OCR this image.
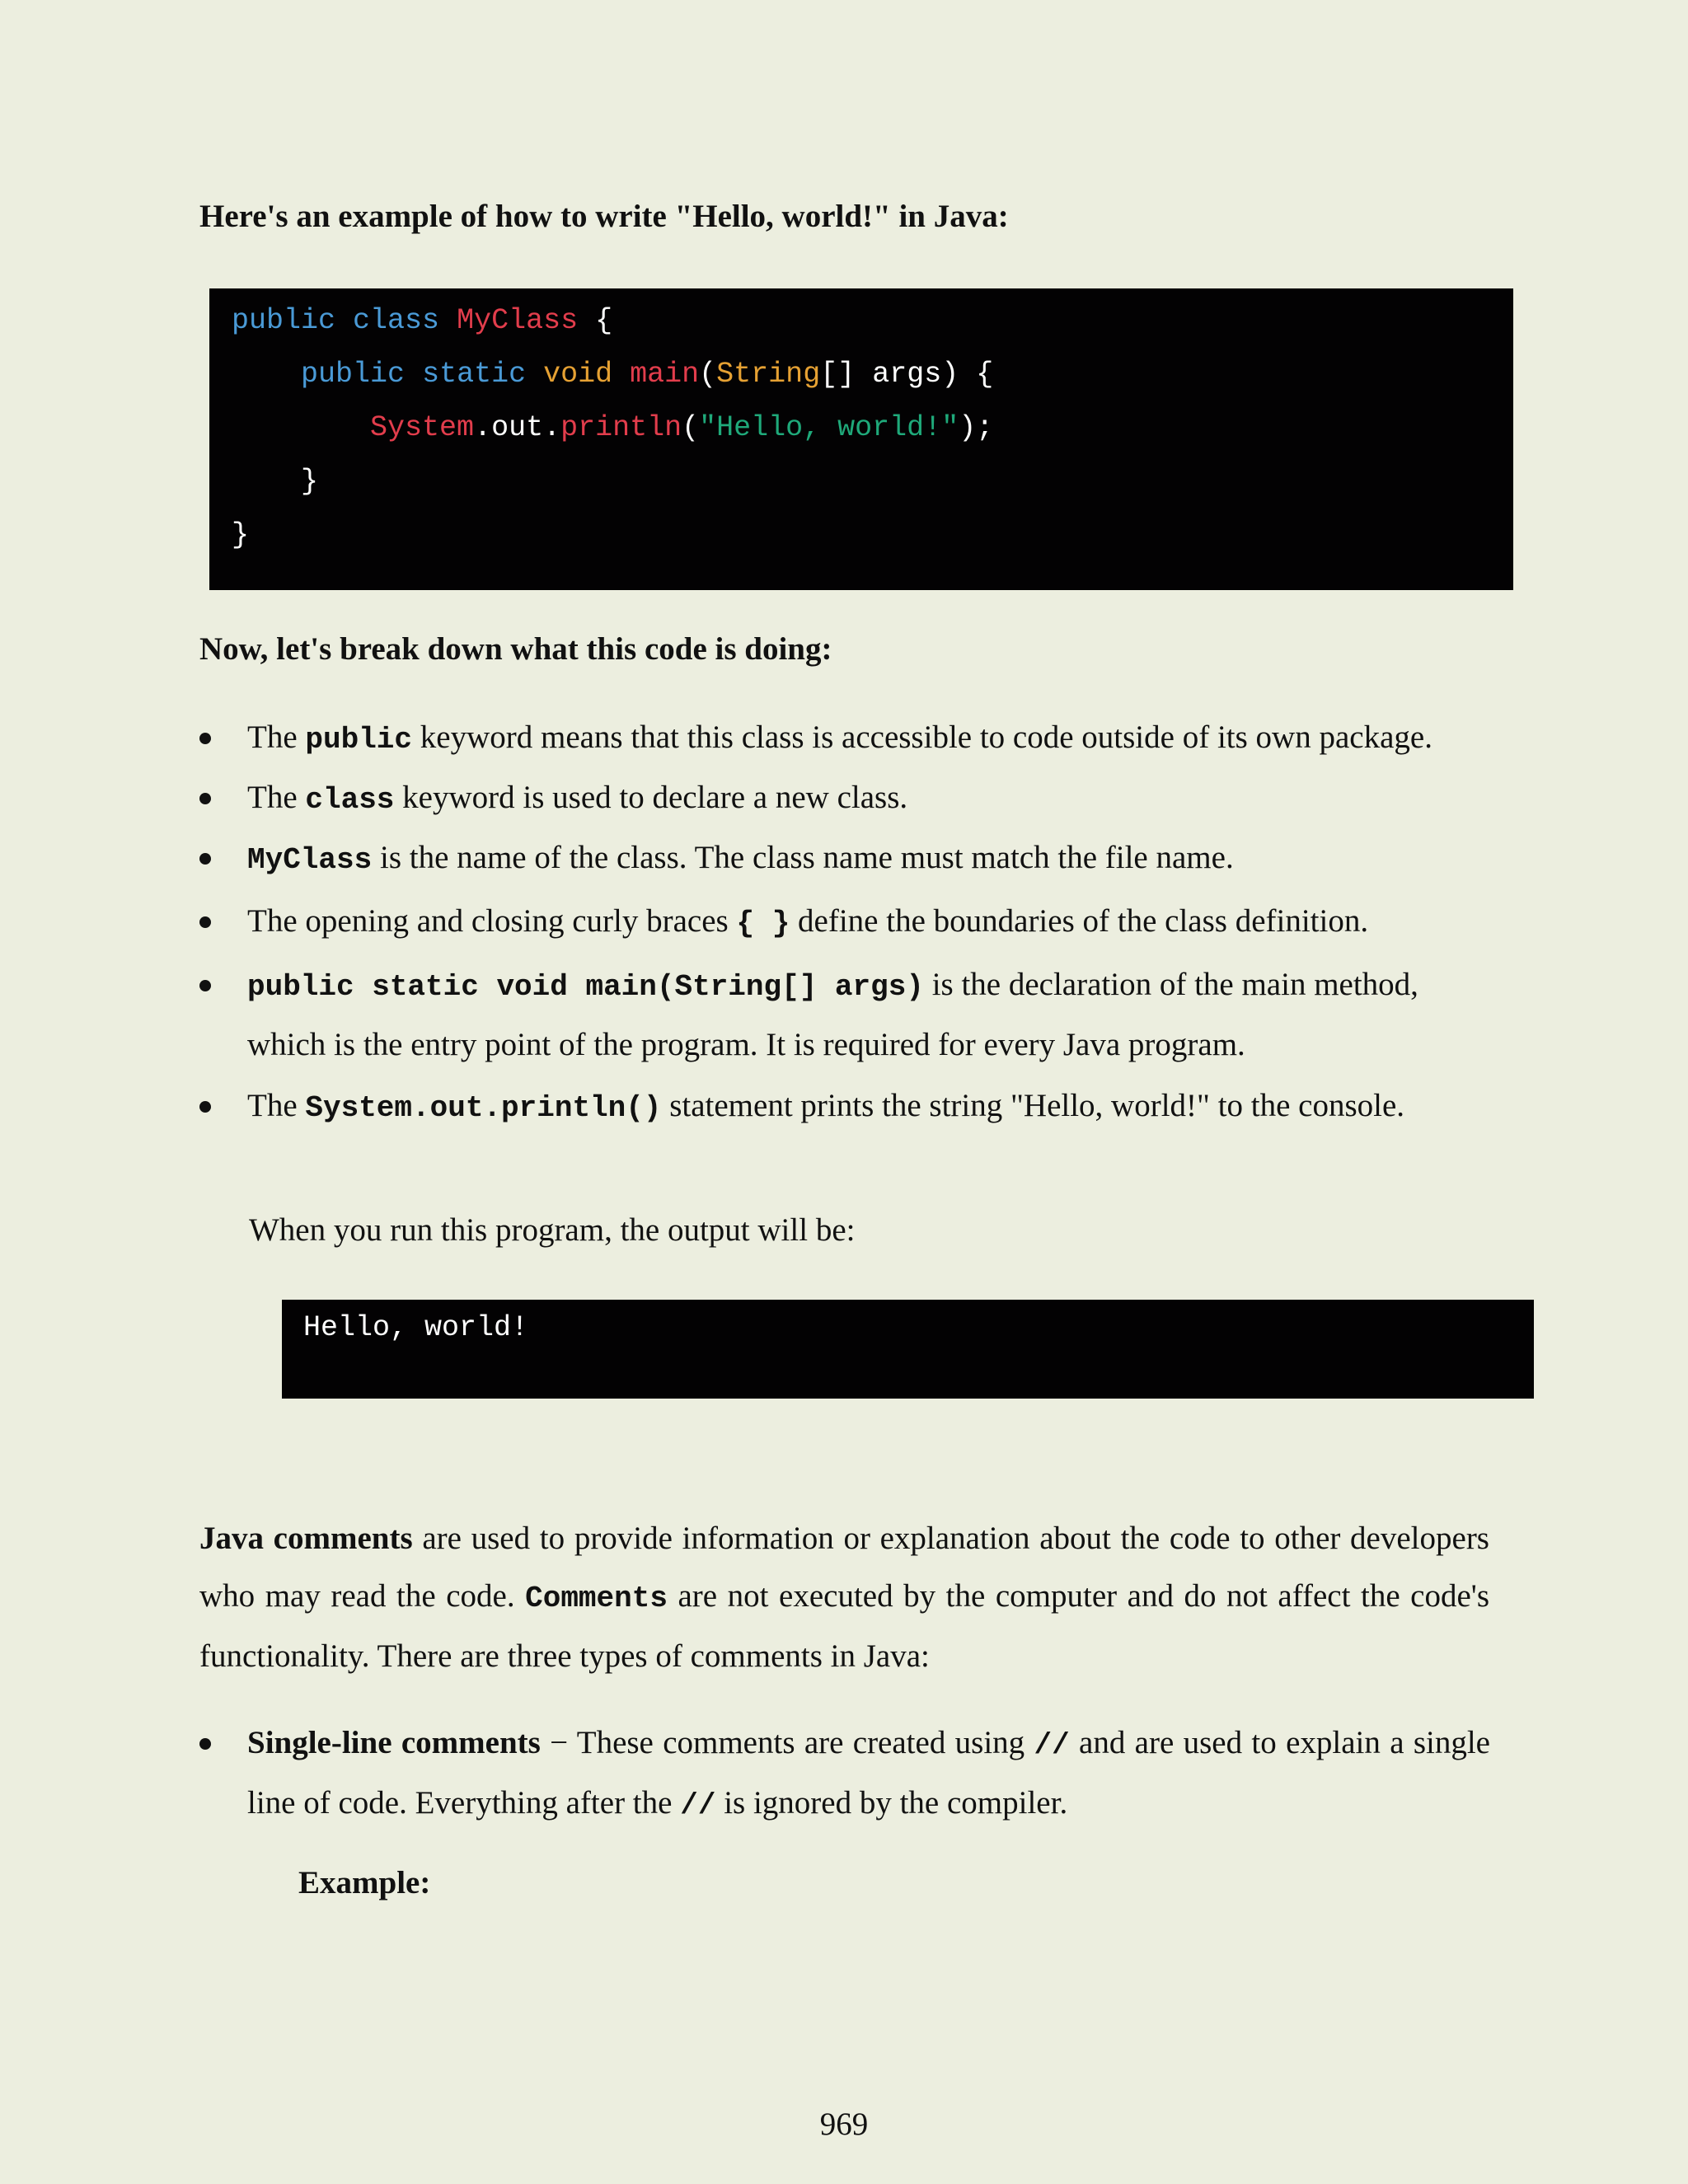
Here's an example of how to write "Hello, world!" in Java:
public class MyClass {
public static void main(String[] args) {
System.out.println("Hello, world!");
}
}
Now, let's break down what this code is doing:
The public keyword means that this class is accessible to code outside of its own package.
The class keyword is used to declare a new class.
MyClass is the name of the class. The class name must match the file name.
The opening and closing curly braces { } define the boundaries of the class definition.
public static void main(String[] args) is the declaration of the main method, which is the entry point of the program. It is required for every Java program.
The System.out.println() statement prints the string "Hello, world!" to the console.
When you run this program, the output will be:
Hello, world!
Java comments are used to provide information or explanation about the code to other developers who may read the code. Comments are not executed by the computer and do not affect the code's functionality. There are three types of comments in Java:
Single-line comments − These comments are created using // and are used to explain a single line of code. Everything after the // is ignored by the compiler.
Example:
969
